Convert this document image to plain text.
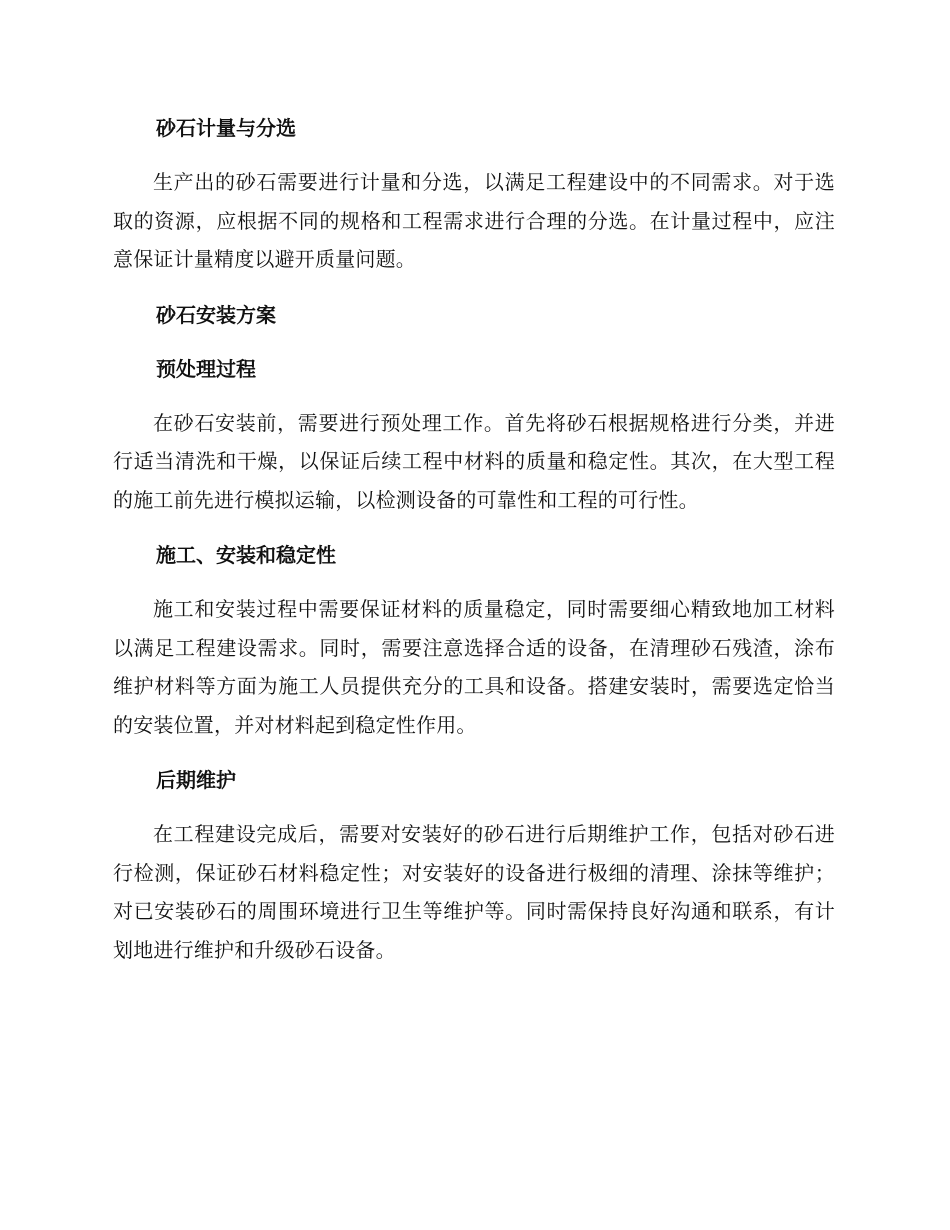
砂石计量与分选

生产出的砂石需要进行计量和分选，以满足工程建设中的不同需求。对于选取的资源，应根据不同的规格和工程需求进行合理的分选。在计量过程中，应注意保证计量精度以避开质量问题。

砂石安装方案
预处理过程

在砂石安装前，需要进行预处理工作。首先将砂石根据规格进行分类，并进行适当清洗和干燥，以保证后续工程中材料的质量和稳定性。其次，在大型工程的施工前先进行模拟运输，以检测设备的可靠性和工程的可行性。

施工、安装和稳定性

施工和安装过程中需要保证材料的质量稳定，同时需要细心精致地加工材料以满足工程建设需求。同时，需要注意选择合适的设备，在清理砂石残渣，涂布维护材料等方面为施工人员提供充分的工具和设备。搭建安装时，需要选定恰当的安装位置，并对材料起到稳定性作用。

后期维护

在工程建设完成后，需要对安装好的砂石进行后期维护工作，包括对砂石进行检测，保证砂石材料稳定性；对安装好的设备进行极细的清理、涂抹等维护；对已安装砂石的周围环境进行卫生等维护等。同时需保持良好沟通和联系，有计划地进行维护和升级砂石设备。
